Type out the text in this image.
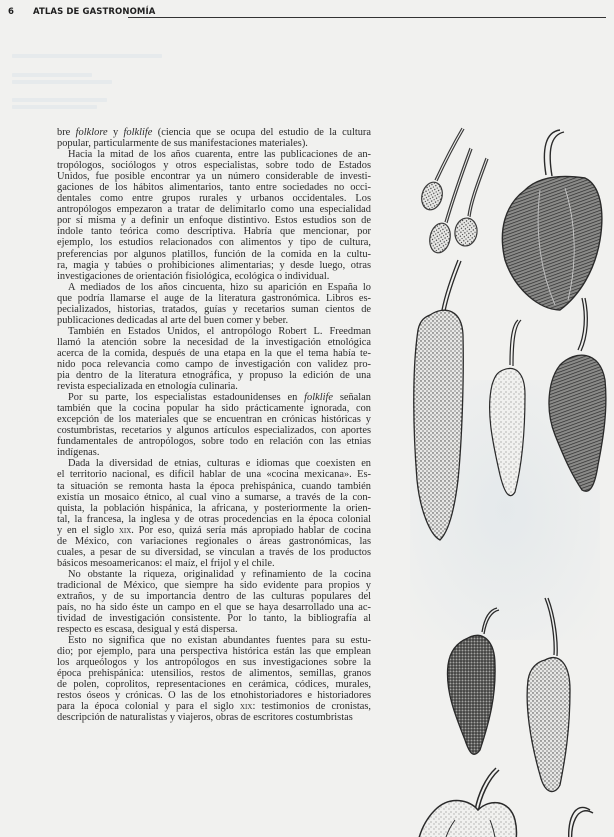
6 ATLAS DE GASTRONOMÍA

bre folklore y folklife (ciencia que se ocupa del estudio de la cultura
popular, particularmente de sus manifestaciones materiales).

Hacia la mitad de los años cuarenta, entre las publicaciones de an-
tropólogos, sociólogos y otros especialistas, sobre todo de Estados
Unidos, fue posible encontrar ya un número considerable de investi-
gaciones de los hábitos alimentarios, tanto entre sociedades no occi-
dentales como entre grupos rurales y urbanos occidentales. Los
antropólogos empezaron a tratar de delimitarlo como una especialidad
por sí misma y a definir un enfoque distintivo. Estos estudios son de
índole tanto teórica como descriptiva. Habría que mencionar, por
ejemplo, los estudios relacionados con alimentos y tipo de cultura,
preferencias por algunos platillos, función de la comida en la cultu-
ra, magia y tabúes o prohibiciones alimentarias; y desde luego, otras
investigaciones de orientación fisiológica, ecológica o individual.

A mediados de los años cincuenta, hizo su aparición en España lo
que podría llamarse el auge de la literatura gastronómica. Libros es-
pecializados, historias, tratados, guías y recetarios suman cientos de
publicaciones dedicadas al arte del buen comer y beber.

También en Estados Unidos, el antropólogo Robert L. Freedman
llamó la atención sobre la necesidad de la investigación etnológica
acerca de la comida, después de una etapa en la que el tema había te-
nido poca relevancia como campo de investigación con validez pro-
pia dentro de la literatura etnográfica, y propuso la edición de una
revista especializada en etnología culinaria.

Por su parte, los especialistas estadounidenses en folklife señalan
también que la cocina popular ha sido prácticamente ignorada, con
excepción de los materiales que se encuentran en crónicas históricas y
costumbristas, recetarios y algunos artículos especializados, con aportes
fundamentales de antropólogos, sobre todo en relación con las etnias
indígenas.

Dada la diversidad de etnias, culturas e idiomas que coexisten en
el territorio nacional, es difícil hablar de una «cocina mexicana». Es-
ta situación se remonta hasta la época prehispánica, cuando también
existía un mosaico étnico, al cual vino a sumarse, a través de la con-
quista, la población hispánica, la africana, y posteriormente la orien-
tal, la francesa, la inglesa y de otras procedencias en la época colonial
y en el siglo xix. Por eso, quizá sería más apropiado hablar de cocina
de México, con variaciones regionales o áreas gastronómicas, las
cuales, a pesar de su diversidad, se vinculan a través de los productos
básicos mesoamericanos: el maíz, el frijol y el chile.

No obstante la riqueza, originalidad y refinamiento de la cocina
tradicional de México, que siempre ha sido evidente para propios y
extraños, y de su importancia dentro de las culturas populares del
país, no ha sido éste un campo en el que se haya desarrollado una ac-
tividad de investigación consistente. Por lo tanto, la bibliografía al
respecto es escasa, desigual y está dispersa.

Esto no significa que no existan abundantes fuentes para su estu-
dio; por ejemplo, para una perspectiva histórica están las que emplean
los arqueólogos y los antropólogos en sus investigaciones sobre la
época prehispánica: utensilios, restos de alimentos, semillas, granos
de polen, coprolitos, representaciones en cerámica, códices, murales,
restos óseos y crónicas. O las de los etnohistoriadores e historiadores
para la época colonial y para el siglo xix: testimonios de cronistas,
descripción de naturalistas y viajeros, obras de escritores costumbristas
